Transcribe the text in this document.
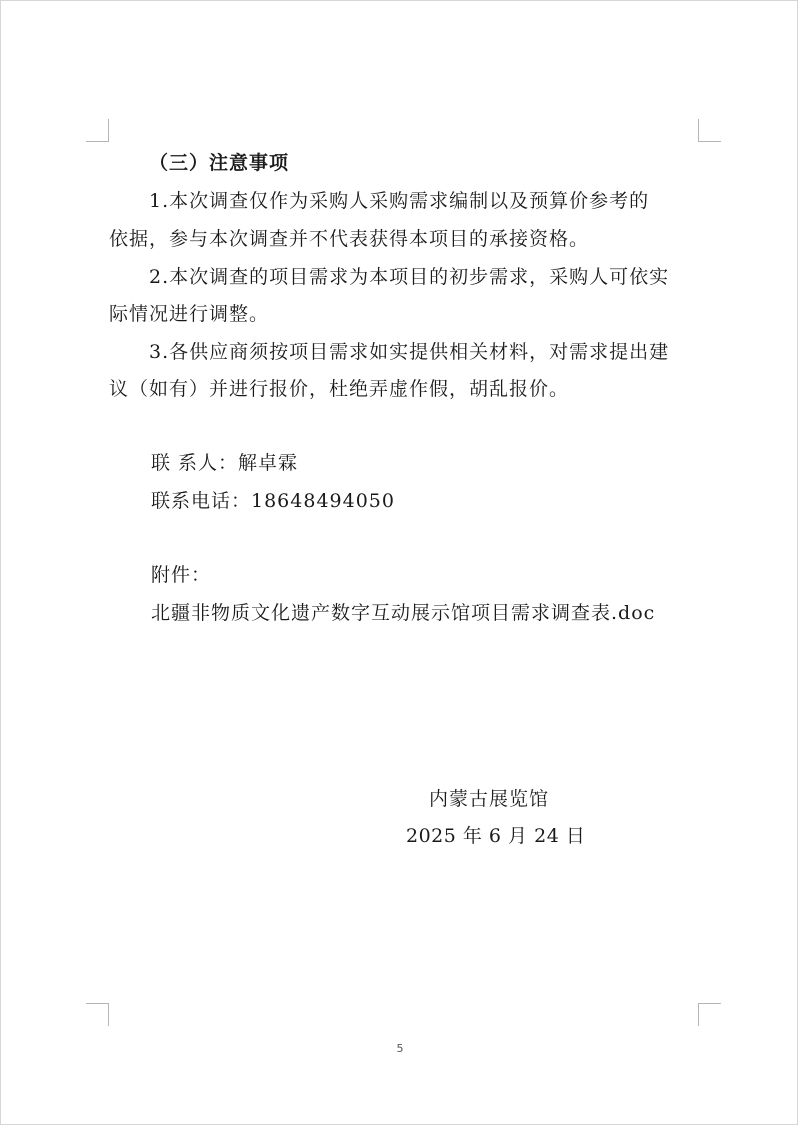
（三）注意事项
1.本次调查仅作为采购人采购需求编制以及预算价参考的
依据，参与本次调查并不代表获得本项目的承接资格。
2.本次调查的项目需求为本项目的初步需求，采购人可依实
际情况进行调整。
3.各供应商须按项目需求如实提供相关材料，对需求提出建
议（如有）并进行报价，杜绝弄虚作假，胡乱报价。
联 系人：解卓霖
联系电话：18648494050
附件：
北疆非物质文化遗产数字互动展示馆项目需求调查表.doc
内蒙古展览馆
2025 年 6 月 24 日
5
